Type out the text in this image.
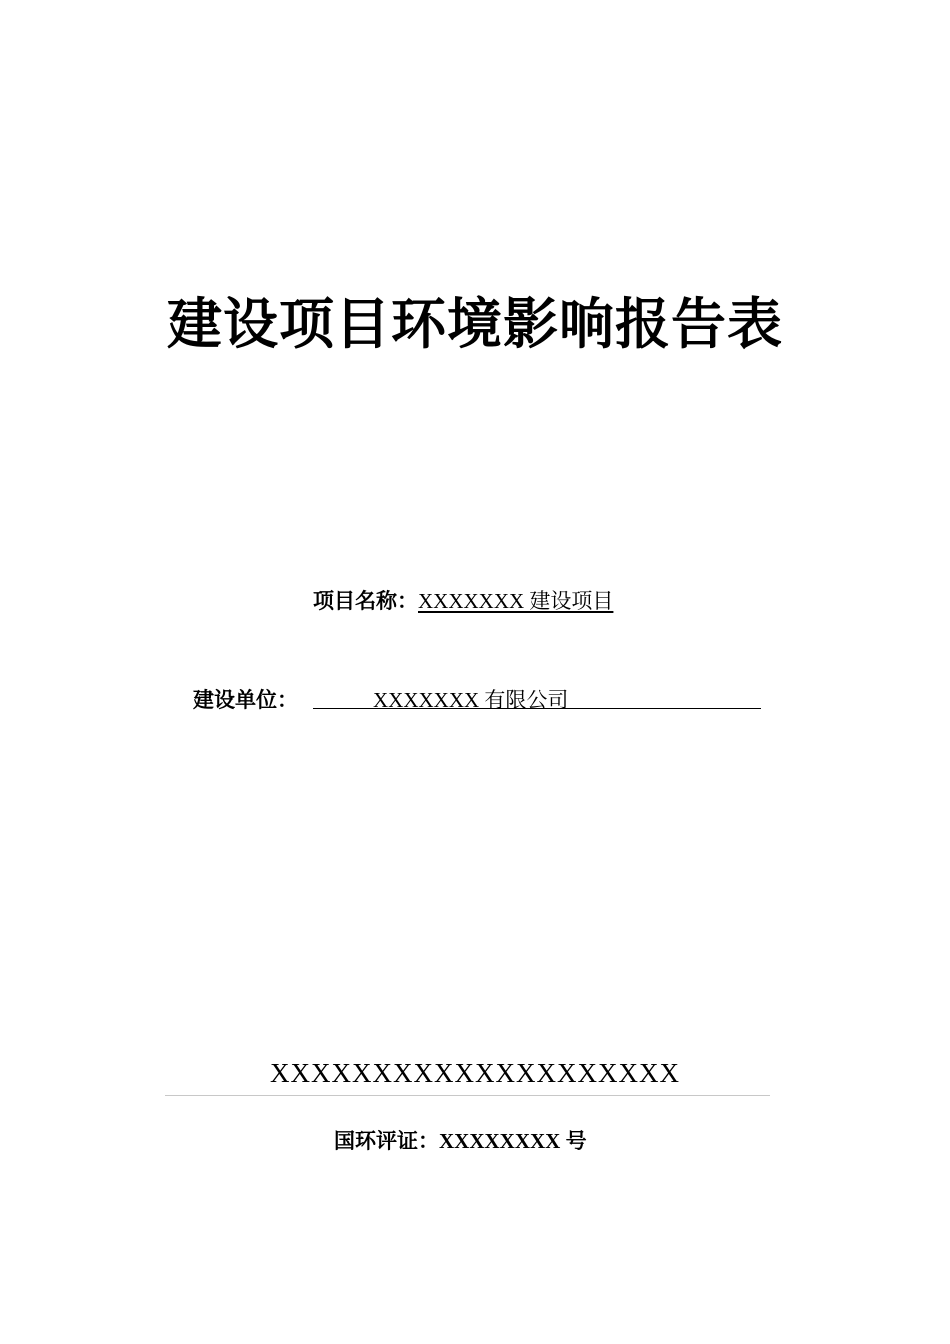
建设项目环境影响报告表
项目名称：XXXXXXX 建设项目
建设单位：	XXXXXXX 有限公司
XXXXXXXXXXXXXXXXXXXX
国环评证：XXXXXXXX 号
